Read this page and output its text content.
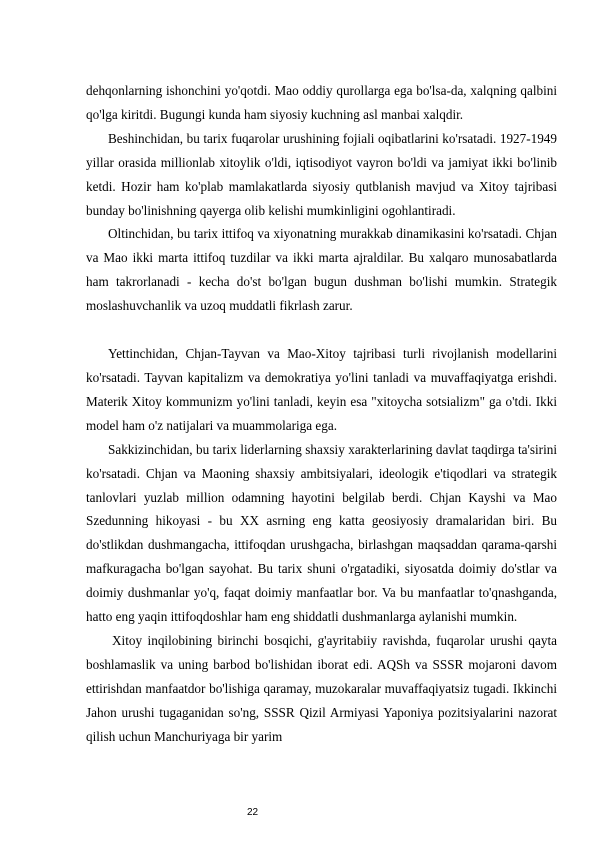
dehqonlarning ishonchini yo'qotdi. Mao oddiy qurollarga ega bo'lsa-da, xalqning qalbini qo'lga kiritdi. Bugungi kunda ham siyosiy kuchning asl manbai xalqdir.

Beshinchidan, bu tarix fuqarolar urushining fojiali oqibatlarini ko'rsatadi. 1927-1949 yillar orasida millionlab xitoylik o'ldi, iqtisodiyot vayron bo'ldi va jamiyat ikki bo'linib ketdi. Hozir ham ko'plab mamlakatlarda siyosiy qutblanish mavjud va Xitoy tajribasi bunday bo'linishning qayerga olib kelishi mumkinligini ogohlantiradi.

Oltinchidan, bu tarix ittifoq va xiyonatning murakkab dinamikasini ko'rsatadi. Chjan va Mao ikki marta ittifoq tuzdilar va ikki marta ajraldilar. Bu xalqaro munosabatlarda ham takrorlanadi - kecha do'st bo'lgan bugun dushman bo'lishi mumkin. Strategik moslashuvchanlik va uzoq muddatli fikrlash zarur.

Yettinchidan, Chjan-Tayvan va Mao-Xitoy tajribasi turli rivojlanish modellarini ko'rsatadi. Tayvan kapitalizm va demokratiya yo'lini tanladi va muvaffaqiyatga erishdi. Materik Xitoy kommunizm yo'lini tanladi, keyin esa "xitoycha sotsializm" ga o'tdi. Ikki model ham o'z natijalari va muammolariga ega.

Sakkizinchidan, bu tarix liderlarning shaxsiy xarakterlarining davlat taqdirga ta'sirini ko'rsatadi. Chjan va Maoning shaxsiy ambitsiyalari, ideologik e'tiqodlari va strategik tanlovlari yuzlab million odamning hayotini belgilab berdi. Chjan Kayshi va Mao Szedunning hikoyasi - bu XX asrning eng katta geosiyosiy dramalaridan biri. Bu do'stlikdan dushmangacha, ittifoqdan urushgacha, birlashgan maqsaddan qarama-qarshi mafkuragacha bo'lgan sayohat. Bu tarix shuni o'rgatadiki, siyosatda doimiy do'stlar va doimiy dushmanlar yo'q, faqat doimiy manfaatlar bor. Va bu manfaatlar to'qnashganda, hatto eng yaqin ittifoqdoshlar ham eng shiddatli dushmanlarga aylanishi mumkin.

Xitoy inqilobining birinchi bosqichi, g'ayritabiiy ravishda, fuqarolar urushi qayta boshlamaslik va uning barbod bo'lishidan iborat edi. AQSh va SSSR mojaroni davom ettirishdan manfaatdor bo'lishiga qaramay, muzokaralar muvaffaqiyatsiz tugadi. Ikkinchi Jahon urushi tugaganidan so'ng, SSSR Qizil Armiyasi Yaponiya pozitsiyalarini nazorat qilish uchun Manchuriyaga bir yarim

22
